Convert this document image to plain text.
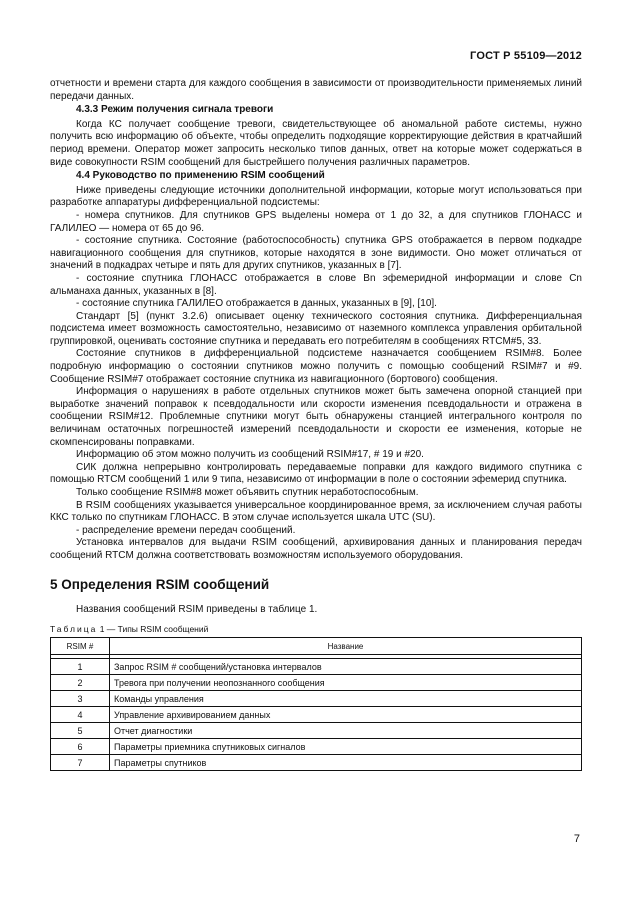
ГОСТ Р 55109—2012

отчетности и времени старта для каждого сообщения в зависимости от производительности применяемых линий передачи данных.

4.3.3 Режим получения сигнала тревоги

Когда КС получает сообщение тревоги, свидетельствующее об аномальной работе системы, нужно получить всю информацию об объекте, чтобы определить подходящие корректирующие действия в кратчайший период времени. Оператор может запросить несколько типов данных, ответ на которые может содержаться в виде совокупности RSIM сообщений для быстрейшего получения различных параметров.

4.4 Руководство по применению RSIM сообщений

Ниже приведены следующие источники дополнительной информации, которые могут использоваться при разработке аппаратуры дифференциальной подсистемы:

- номера спутников. Для спутников GPS выделены номера от 1 до 32, а для спутников ГЛОНАСС и ГАЛИЛЕО — номера от 65 до 96.

- состояние спутника. Состояние (работоспособность) спутника GPS отображается в первом подкадре навигационного сообщения для спутников, которые находятся в зоне видимости. Оно может отличаться от значений в подкадрах четыре и пять для других спутников, указанных в [7].

- состояние спутника ГЛОНАСС отображается в слове Bn эфемеридной информации и слове Cn альманаха данных, указанных в [8].

- состояние спутника ГАЛИЛЕО отображается в данных, указанных в [9], [10].

Стандарт [5] (пункт 3.2.6) описывает оценку технического состояния спутника. Дифференциальная подсистема имеет возможность самостоятельно, независимо от наземного комплекса управления орбитальной группировкой, оценивать состояние спутника и передавать его потребителям в сообщениях RTCM#5, 33.

Состояние спутников в дифференциальной подсистеме назначается сообщением RSIM#8. Более подробную информацию о состоянии спутников можно получить с помощью сообщений RSIM#7 и #9. Сообщение RSIM#7 отображает состояние спутника из навигационного (бортового) сообщения.

Информация о нарушениях в работе отдельных спутников может быть замечена опорной станцией при выработке значений поправок к псевдодальности или скорости изменения псевдодальности и отражена в сообщении RSIM#12. Проблемные спутники могут быть обнаружены станцией интегрального контроля по величинам остаточных погрешностей измерений псевдодальности и скорости ее изменения, которые не скомпенсированы поправками.

Информацию об этом можно получить из сообщений RSIM#17, # 19 и #20.

СИК должна непрерывно контролировать передаваемые поправки для каждого видимого спутника с помощью RTCM сообщений 1 или 9 типа, независимо от информации в поле о состоянии эфемерид спутника.

Только сообщение RSIM#8 может объявить спутник неработоспособным.

В RSIM сообщениях указывается универсальное координированное время, за исключением случая работы ККС только по спутникам ГЛОНАСС. В этом случае используется шкала UTC (SU).

- распределение времени передач сообщений.

Установка интервалов для выдачи RSIM сообщений, архивирования данных и планирования передач сообщений RTCM должна соответствовать возможностям используемого оборудования.

5 Определения RSIM сообщений

Названия сообщений RSIM приведены в таблице 1.

Таблица 1 — Типы RSIM сообщений
RSIM #	Название

1	Запрос RSIM # сообщений/установка интервалов
2	Тревога при получении неопознанного сообщения
3	Команды управления
4	Управление архивированием данных
5	Отчет диагностики
6	Параметры приемника спутниковых сигналов
7	Параметры спутников
7
